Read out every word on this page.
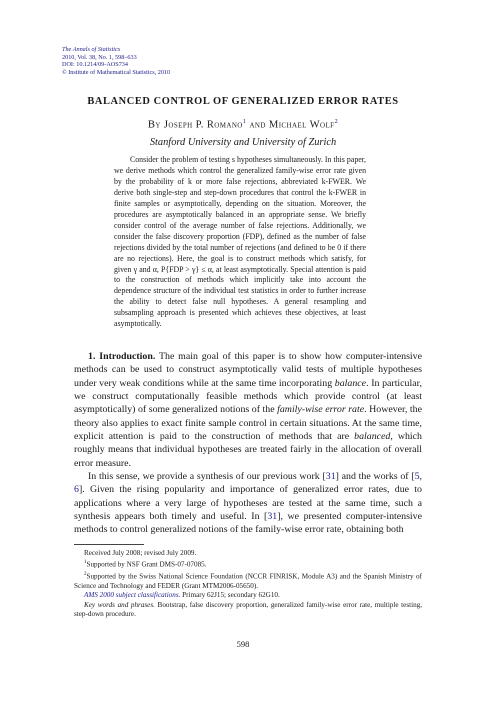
The Annals of Statistics
2010, Vol. 38, No. 1, 598–633
DOI: 10.1214/09-AOS734
© Institute of Mathematical Statistics, 2010
BALANCED CONTROL OF GENERALIZED ERROR RATES
By Joseph P. Romano$^1$ and Michael Wolf$^2$
Stanford University and University of Zurich

Consider the problem of testing s hypotheses simultaneously. In this paper, we derive methods which control the generalized family-wise error rate given by the probability of k or more false rejections, abbreviated k-FWER. We derive both single-step and step-down procedures that control the k-FWER in finite samples or asymptotically, depending on the situation. Moreover, the procedures are asymptotically balanced in an appropriate sense. We briefly consider control of the average number of false rejections. Additionally, we consider the false discovery proportion (FDP), defined as the number of false rejections divided by the total number of rejections (and defined to be 0 if there are no rejections). Here, the goal is to construct methods which satisfy, for given γ and α, P{FDP > γ} ≤ α, at least asymptotically. Special attention is paid to the construction of methods which implicitly take into account the dependence structure of the individual test statistics in order to further increase the ability to detect false null hypotheses. A general resampling and subsampling approach is presented which achieves these objectives, at least asymptotically.

1. Introduction. The main goal of this paper is to show how computer-intensive methods can be used to construct asymptotically valid tests of multiple hypotheses under very weak conditions while at the same time incorporating balance. In particular, we construct computationally feasible methods which provide control (at least asymptotically) of some generalized notions of the family-wise error rate. However, the theory also applies to exact finite sample control in certain situations. At the same time, explicit attention is paid to the construction of methods that are balanced, which roughly means that individual hypotheses are treated fairly in the allocation of overall error measure.

In this sense, we provide a synthesis of our previous work [31] and the works of [5, 6]. Given the rising popularity and importance of generalized error rates, due to applications where a very large of hypotheses are tested at the same time, such a synthesis appears both timely and useful. In [31], we presented computer-intensive methods to control generalized notions of the family-wise error rate, obtaining both

Received July 2008; revised July 2009.

$^1$Supported by NSF Grant DMS-07-07085.

$^2$Supported by the Swiss National Science Foundation (NCCR FINRISK, Module A3) and the Spanish Ministry of Science and Technology and FEDER (Grant MTM2006-05650).

AMS 2000 subject classifications. Primary 62J15; secondary 62G10.

Key words and phrases. Bootstrap, false discovery proportion, generalized family-wise error rate, multiple testing, step-down procedure.

598
